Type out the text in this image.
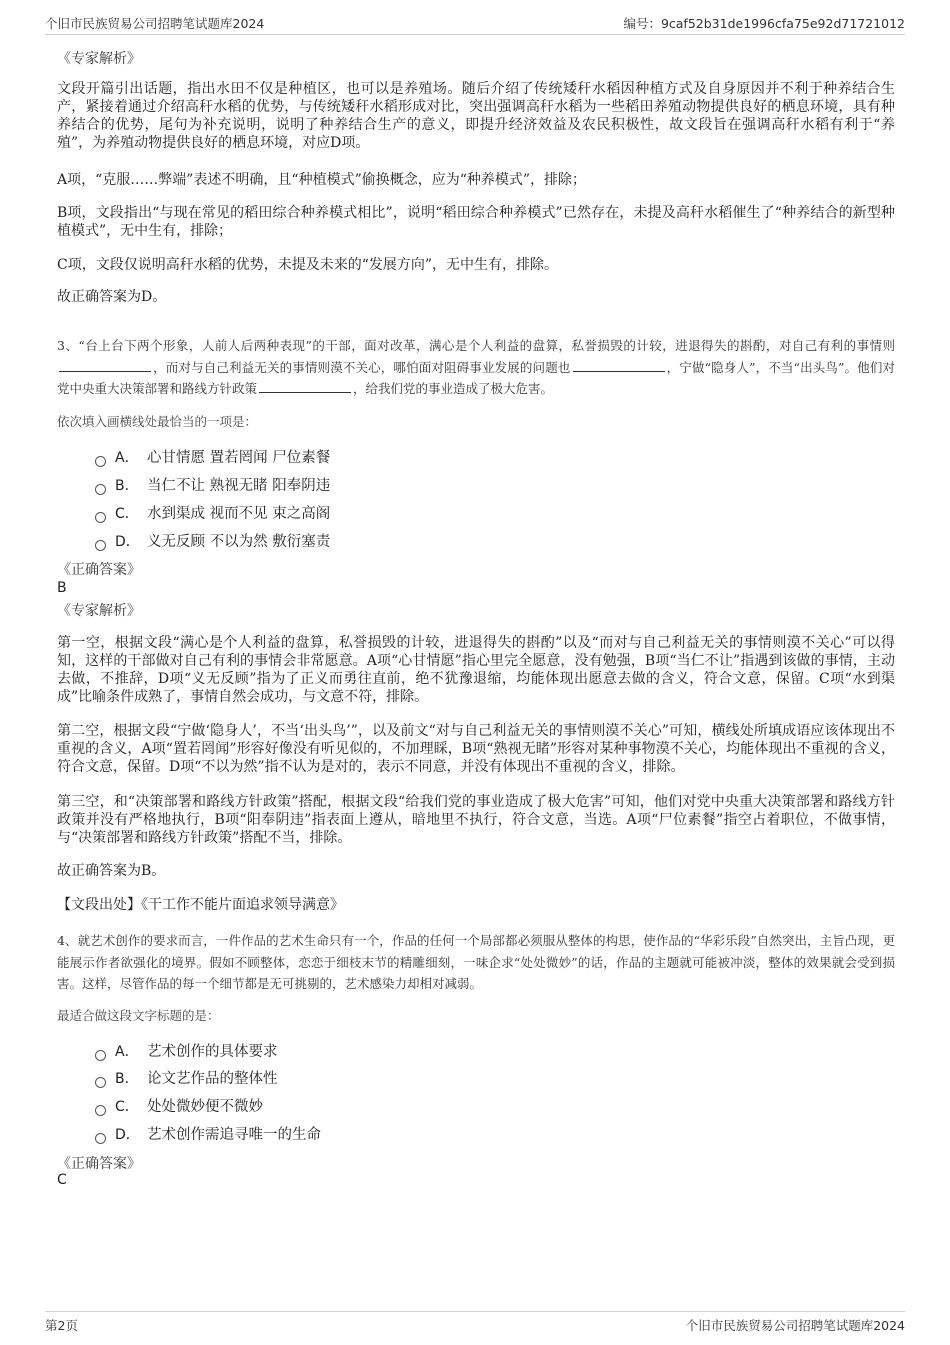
个旧市民族贸易公司招聘笔试题库2024	编号：9caf52b31de1996cfa75e92d71721012
《专家解析》
文段开篇引出话题，指出水田不仅是种植区，也可以是养殖场。随后介绍了传统矮秆水稻因种植方式及自身原因并不利于种养结合生产，紧接着通过介绍高秆水稻的优势，与传统矮秆水稻形成对比，突出强调高秆水稻为一些稻田养殖动物提供良好的栖息环境，具有种养结合的优势，尾句为补充说明，说明了种养结合生产的意义，即提升经济效益及农民积极性，故文段旨在强调高秆水稻有利于“养殖”，为养殖动物提供良好的栖息环境，对应D项。
A项，“克服……弊端”表述不明确，且“种植模式”偷换概念，应为“种养模式”，排除；
B项，文段指出“与现在常见的稻田综合种养模式相比”，说明“稻田综合种养模式”已然存在，未提及高秆水稻催生了“种养结合的新型种植模式”，无中生有，排除；
C项，文段仅说明高秆水稻的优势，未提及未来的“发展方向”，无中生有，排除。
故正确答案为D。
3、“台上台下两个形象，人前人后两种表现”的干部，面对改革，满心是个人利益的盘算，私誉损毁的计较，进退得失的斟酌，对自己有利的事情则，而对与自己利益无关的事情则漠不关心，哪怕面对阻碍事业发展的问题也	，宁做“隐身人”，不当“出头鸟”。他们对党中央重大决策部署和路线方针政策	，给我们党的事业造成了极大危害。
依次填入画横线处最恰当的一项是：
A． 心甘情愿 置若罔闻 尸位素餐
B． 当仁不让 熟视无睹 阳奉阴违
C． 水到渠成 视而不见 束之高阁
D． 义无反顾 不以为然 敷衍塞责
《正确答案》
B
《专家解析》
第一空，根据文段“满心是个人利益的盘算，私誉损毁的计较，进退得失的斟酌”以及“而对与自己利益无关的事情则漠不关心”可以得知，这样的干部做对自己有利的事情会非常愿意。A项“心甘情愿”指心里完全愿意，没有勉强，B项“当仁不让”指遇到该做的事情，主动去做，不推辞，D项“义无反顾”指为了正义而勇往直前，绝不犹豫退缩，均能体现出愿意去做的含义，符合文意，保留。C项“水到渠成”比喻条件成熟了，事情自然会成功，与文意不符，排除。
第二空，根据文段“宁做‘隐身人’，不当‘出头鸟’”，以及前文“对与自己利益无关的事情则漠不关心”可知，横线处所填成语应该体现出不重视的含义，A项“置若罔闻”形容好像没有听见似的，不加理睬，B项“熟视无睹”形容对某种事物漠不关心，均能体现出不重视的含义，符合文意，保留。D项“不以为然”指不认为是对的，表示不同意，并没有体现出不重视的含义，排除。
第三空，和“决策部署和路线方针政策”搭配，根据文段“给我们党的事业造成了极大危害”可知，他们对党中央重大决策部署和路线方针政策并没有严格地执行，B项“阳奉阴违”指表面上遵从，暗地里不执行，符合文意，当选。A项“尸位素餐”指空占着职位，不做事情，与“决策部署和路线方针政策”搭配不当，排除。
故正确答案为B。
【文段出处】《干工作不能片面追求领导满意》
4、就艺术创作的要求而言，一件作品的艺术生命只有一个，作品的任何一个局部都必须服从整体的构思，使作品的“华彩乐段”自然突出，主旨凸现，更能展示作者欲强化的境界。假如不顾整体，恋恋于细枝末节的精雕细刻，一味企求“处处微妙”的话，作品的主题就可能被冲淡，整体的效果就会受到损害。这样，尽管作品的每一个细节都是无可挑剔的，艺术感染力却相对减弱。
最适合做这段文字标题的是：
A． 艺术创作的具体要求
B． 论文艺作品的整体性
C． 处处微妙便不微妙
D． 艺术创作需追寻唯一的生命
《正确答案》
C
第2页	个旧市民族贸易公司招聘笔试题库2024
